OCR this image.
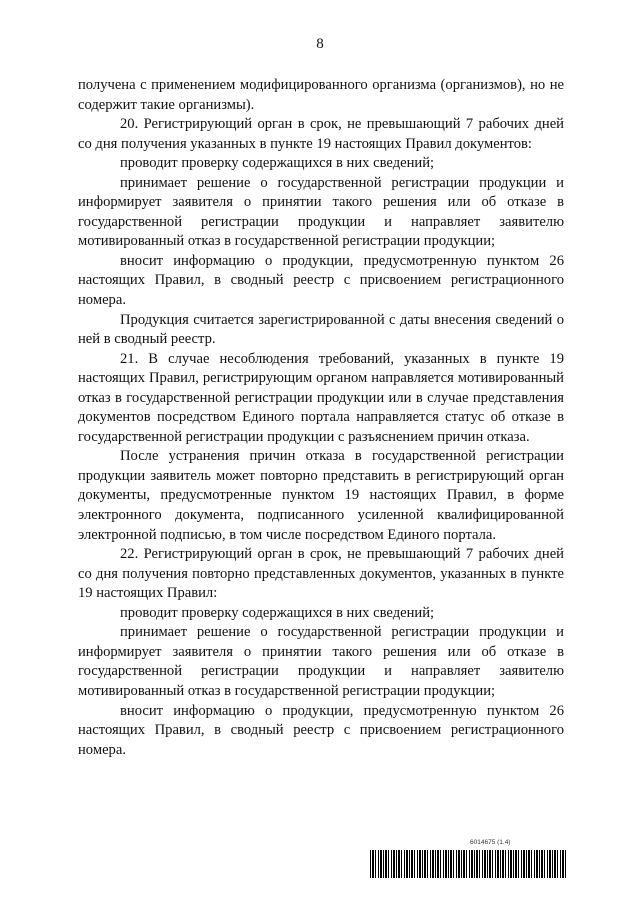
8

получена с применением модифицированного организма (организмов), но не содержит такие организмы).

20. Регистрирующий орган в срок, не превышающий 7 рабочих дней со дня получения указанных в пункте 19 настоящих Правил документов:

проводит проверку содержащихся в них сведений;

принимает решение о государственной регистрации продукции и информирует заявителя о принятии такого решения или об отказе в государственной регистрации продукции и направляет заявителю мотивированный отказ в государственной регистрации продукции;

вносит информацию о продукции, предусмотренную пунктом 26 настоящих Правил, в сводный реестр с присвоением регистрационного номера.

Продукция считается зарегистрированной с даты внесения сведений о ней в сводный реестр.

21. В случае несоблюдения требований, указанных в пункте 19 настоящих Правил, регистрирующим органом направляется мотивированный отказ в государственной регистрации продукции или в случае представления документов посредством Единого портала направляется статус об отказе в государственной регистрации продукции с разъяснением причин отказа.

После устранения причин отказа в государственной регистрации продукции заявитель может повторно представить в регистрирующий орган документы, предусмотренные пунктом 19 настоящих Правил, в форме электронного документа, подписанного усиленной квалифицированной электронной подписью, в том числе посредством Единого портала.

22. Регистрирующий орган в срок, не превышающий 7 рабочих дней со дня получения повторно представленных документов, указанных в пункте 19 настоящих Правил:

проводит проверку содержащихся в них сведений;

принимает решение о государственной регистрации продукции и информирует заявителя о принятии такого решения или об отказе в государственной регистрации продукции и направляет заявителю мотивированный отказ в государственной регистрации продукции;

вносит информацию о продукции, предусмотренную пунктом 26 настоящих Правил, в сводный реестр с присвоением регистрационного номера.

6014675 (1.4)
